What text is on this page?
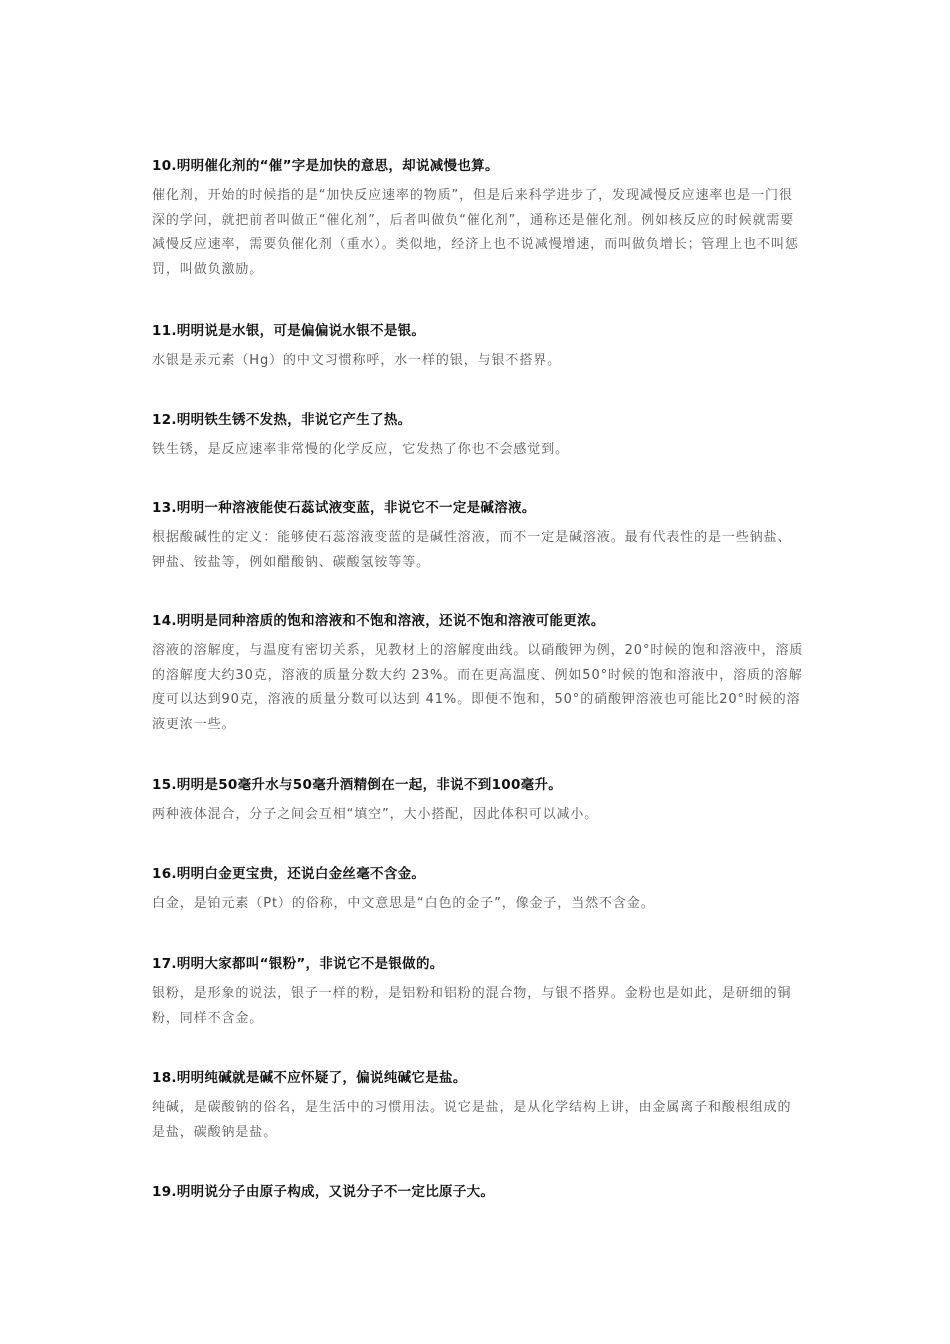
10.明明催化剂的“催”字是加快的意思，却说减慢也算。

催化剂，开始的时候指的是“加快反应速率的物质”，但是后来科学进步了，发现减慢反应速率也是一门很深的学问，就把前者叫做正“催化剂”，后者叫做负“催化剂”，通称还是催化剂。例如核反应的时候就需要减慢反应速率，需要负催化剂（重水）。类似地，经济上也不说减慢增速，而叫做负增长；管理上也不叫惩罚，叫做负激励。

11.明明说是水银，可是偏偏说水银不是银。

水银是汞元素（Hg）的中文习惯称呼，水一样的银，与银不搭界。

12.明明铁生锈不发热，非说它产生了热。

铁生锈，是反应速率非常慢的化学反应，它发热了你也不会感觉到。

13.明明一种溶液能使石蕊试液变蓝，非说它不一定是碱溶液。

根据酸碱性的定义：能够使石蕊溶液变蓝的是碱性溶液，而不一定是碱溶液。最有代表性的是一些钠盐、钾盐、铵盐等，例如醋酸钠、碳酸氢铵等等。

14.明明是同种溶质的饱和溶液和不饱和溶液，还说不饱和溶液可能更浓。

溶液的溶解度，与温度有密切关系，见教材上的溶解度曲线。以硝酸钾为例，20°时候的饱和溶液中，溶质的溶解度大约30克，溶液的质量分数大约 23%。而在更高温度、例如50°时候的饱和溶液中，溶质的溶解度可以达到90克，溶液的质量分数可以达到 41%。即便不饱和，50°的硝酸钾溶液也可能比20°时候的溶液更浓一些。

15.明明是50毫升水与50毫升酒精倒在一起，非说不到100毫升。

两种液体混合，分子之间会互相“填空”，大小搭配，因此体积可以减小。

16.明明白金更宝贵，还说白金丝毫不含金。

白金，是铂元素（Pt）的俗称，中文意思是“白色的金子”，像金子，当然不含金。

17.明明大家都叫“银粉”，非说它不是银做的。

银粉，是形象的说法，银子一样的粉，是铝粉和铝粉的混合物，与银不搭界。金粉也是如此，是研细的铜粉，同样不含金。

18.明明纯碱就是碱不应怀疑了，偏说纯碱它是盐。

纯碱，是碳酸钠的俗名，是生活中的习惯用法。说它是盐，是从化学结构上讲，由金属离子和酸根组成的是盐，碳酸钠是盐。

19.明明说分子由原子构成，又说分子不一定比原子大。
